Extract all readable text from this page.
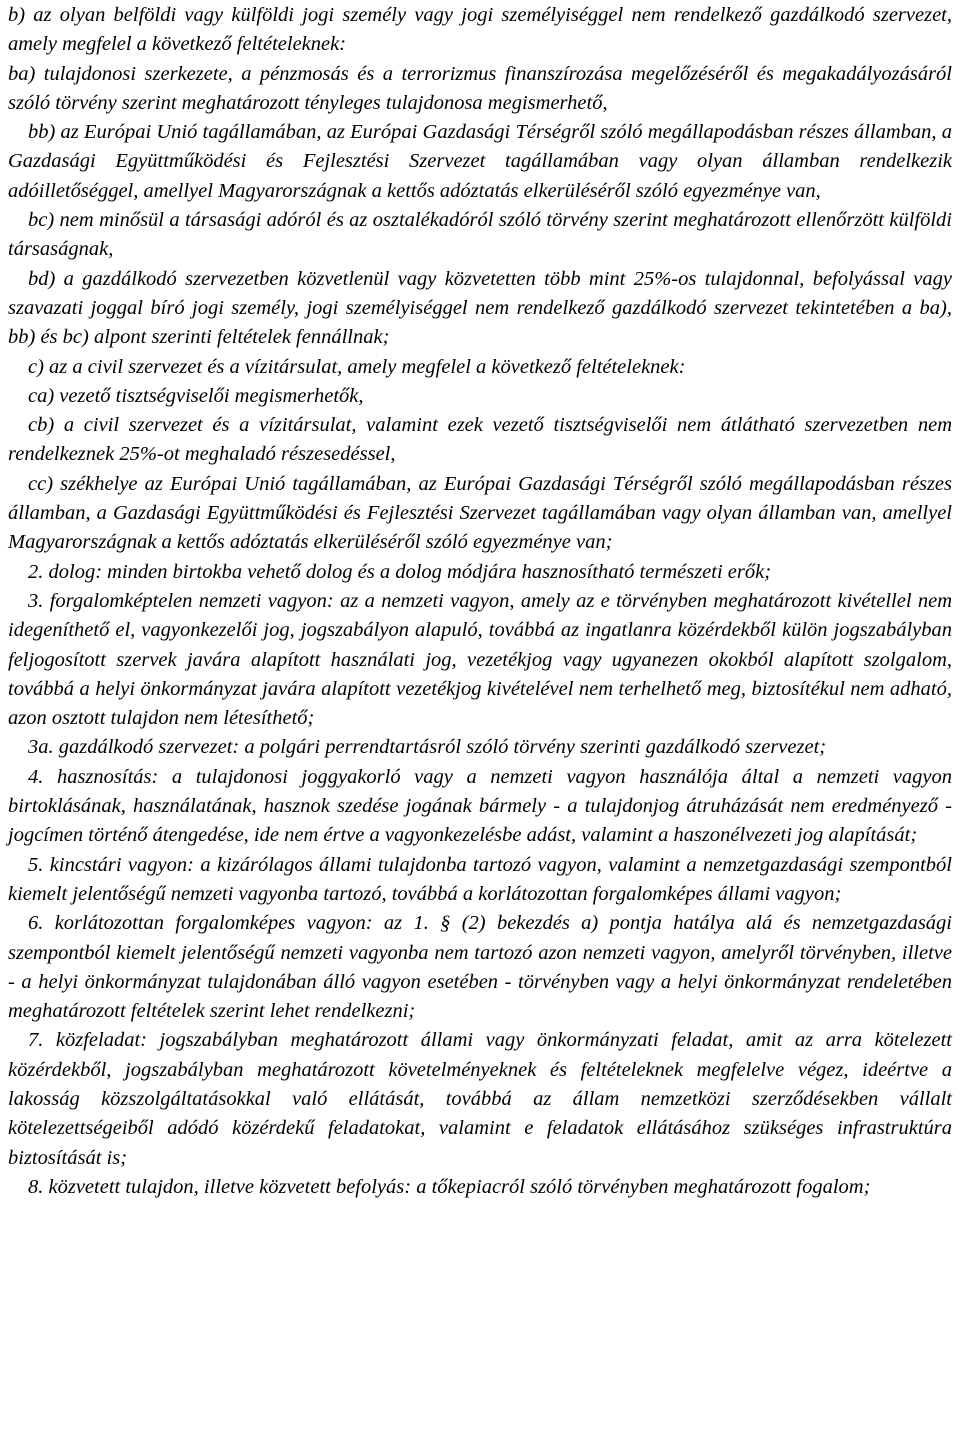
b) az olyan belföldi vagy külföldi jogi személy vagy jogi személyiséggel nem rendelkező gazdálkodó szervezet, amely megfelel a következő feltételeknek:

ba) tulajdonosi szerkezete, a pénzmosás és a terrorizmus finanszírozása megelőzéséről és megakadályozásáról szóló törvény szerint meghatározott tényleges tulajdonosa megismerhető,

bb) az Európai Unió tagállamában, az Európai Gazdasági Térségről szóló megállapodásban részes államban, a Gazdasági Együttműködési és Fejlesztési Szervezet tagállamában vagy olyan államban rendelkezik adóilletőséggel, amellyel Magyarországnak a kettős adóztatás elkerüléséről szóló egyezménye van,

bc) nem minősül a társasági adóról és az osztalékadóról szóló törvény szerint meghatározott ellenőrzött külföldi társaságnak,

bd) a gazdálkodó szervezetben közvetlenül vagy közvetetten több mint 25%-os tulajdonnal, befolyással vagy szavazati joggal bíró jogi személy, jogi személyiséggel nem rendelkező gazdálkodó szervezet tekintetében a ba), bb) és bc) alpont szerinti feltételek fennállnak;

c) az a civil szervezet és a vízitársulat, amely megfelel a következő feltételeknek:

ca) vezető tisztségviselői megismerhetők,

cb) a civil szervezet és a vízitársulat, valamint ezek vezető tisztségviselői nem átlátható szervezetben nem rendelkeznek 25%-ot meghaladó részesedéssel,

cc) székhelye az Európai Unió tagállamában, az Európai Gazdasági Térségről szóló megállapodásban részes államban, a Gazdasági Együttműködési és Fejlesztési Szervezet tagállamában vagy olyan államban van, amellyel Magyarországnak a kettős adóztatás elkerüléséről szóló egyezménye van;

2. dolog: minden birtokba vehető dolog és a dolog módjára hasznosítható természeti erők;

3. forgalomképtelen nemzeti vagyon: az a nemzeti vagyon, amely az e törvényben meghatározott kivétellel nem idegeníthető el, vagyonkezelői jog, jogszabályon alapuló, továbbá az ingatlanra közérdekből külön jogszabályban feljogosított szervek javára alapított használati jog, vezetékjog vagy ugyanezen okokból alapított szolgalom, továbbá a helyi önkormányzat javára alapított vezetékjog kivételével nem terhelhető meg, biztosítékul nem adható, azon osztott tulajdon nem létesíthető;

3a. gazdálkodó szervezet: a polgári perrendtartásról szóló törvény szerinti gazdálkodó szervezet;

4. hasznosítás: a tulajdonosi joggyakorló vagy a nemzeti vagyon használója által a nemzeti vagyon birtoklásának, használatának, hasznok szedése jogának bármely - a tulajdonjog átruházását nem eredményező - jogcímen történő átengedése, ide nem értve a vagyonkezelésbe adást, valamint a haszonélvezeti jog alapítását;

5. kincstári vagyon: a kizárólagos állami tulajdonba tartozó vagyon, valamint a nemzetgazdasági szempontból kiemelt jelentőségű nemzeti vagyonba tartozó, továbbá a korlátozottan forgalomképes állami vagyon;

6. korlátozottan forgalomképes vagyon: az 1. § (2) bekezdés a) pontja hatálya alá és nemzetgazdasági szempontból kiemelt jelentőségű nemzeti vagyonba nem tartozó azon nemzeti vagyon, amelyről törvényben, illetve - a helyi önkormányzat tulajdonában álló vagyon esetében - törvényben vagy a helyi önkormányzat rendeletében meghatározott feltételek szerint lehet rendelkezni;

7. közfeladat: jogszabályban meghatározott állami vagy önkormányzati feladat, amit az arra kötelezett közérdekből, jogszabályban meghatározott követelményeknek és feltételeknek megfelelve végez, ideértve a lakosság közszolgáltatásokkal való ellátását, továbbá az állam nemzetközi szerződésekben vállalt kötelezettségeiből adódó közérdekű feladatokat, valamint e feladatok ellátásához szükséges infrastruktúra biztosítását is;

8. közvetett tulajdon, illetve közvetett befolyás: a tőkepiacról szóló törvényben meghatározott fogalom;
